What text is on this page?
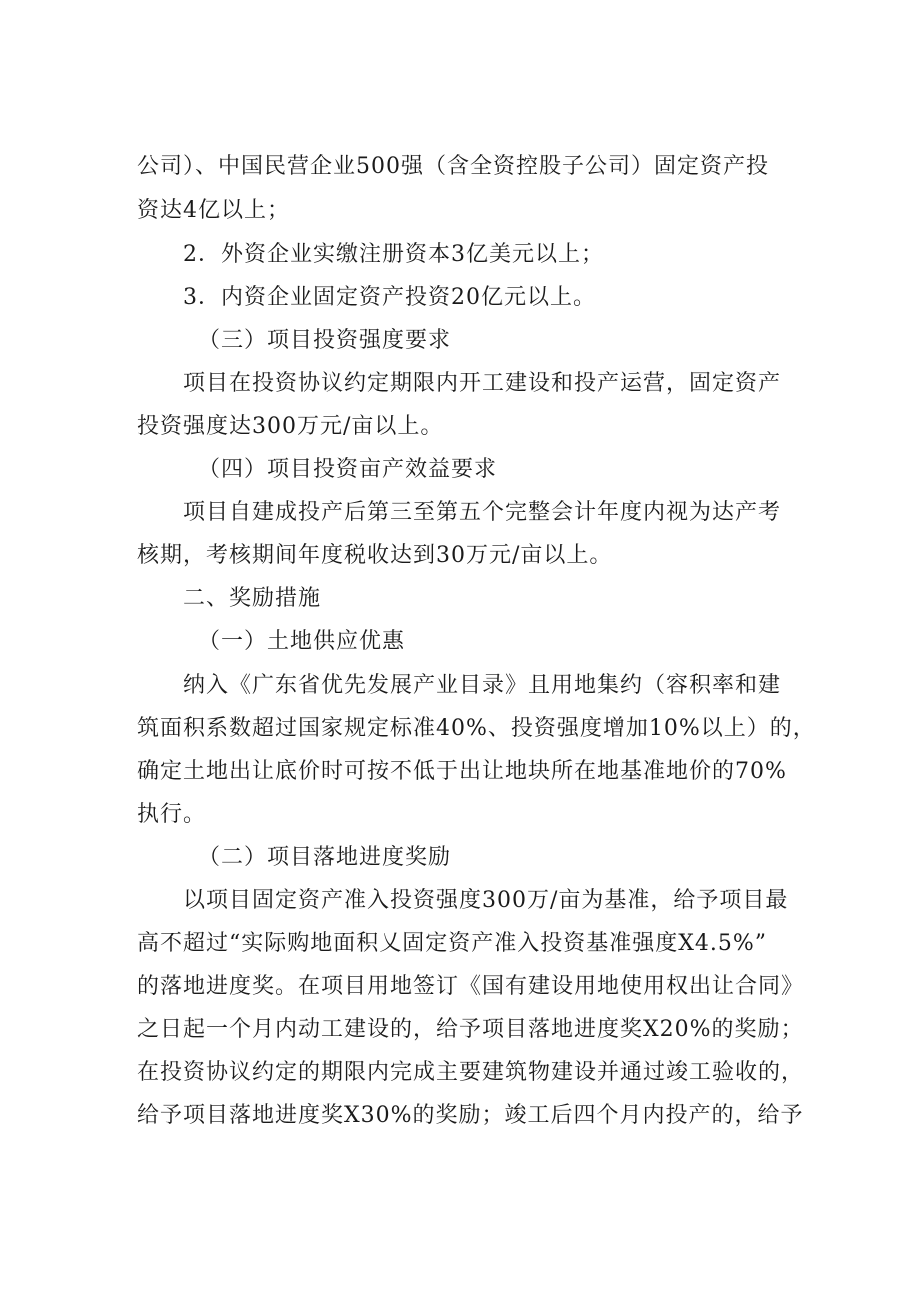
公司）、中国民营企业500强（含全资控股子公司）固定资产投
资达4亿以上；
2．外资企业实缴注册资本3亿美元以上；
3．内资企业固定资产投资20亿元以上。
（三）项目投资强度要求
项目在投资协议约定期限内开工建设和投产运营，固定资产
投资强度达300万元/亩以上。
（四）项目投资亩产效益要求
项目自建成投产后第三至第五个完整会计年度内视为达产考
核期，考核期间年度税收达到30万元/亩以上。
二、奖励措施
（一）土地供应优惠
纳入《广东省优先发展产业目录》且用地集约（容积率和建
筑面积系数超过国家规定标准40%、投资强度增加10%以上）的，
确定土地出让底价时可按不低于出让地块所在地基准地价的70%
执行。
（二）项目落地进度奖励
以项目固定资产准入投资强度300万/亩为基准，给予项目最
高不超过“实际购地面积乂固定资产准入投资基准强度X4.5%”
的落地进度奖。在项目用地签订《国有建设用地使用权出让合同》
之日起一个月内动工建设的，给予项目落地进度奖X20%的奖励；
在投资协议约定的期限内完成主要建筑物建设并通过竣工验收的，
给予项目落地进度奖X30%的奖励；竣工后四个月内投产的，给予
